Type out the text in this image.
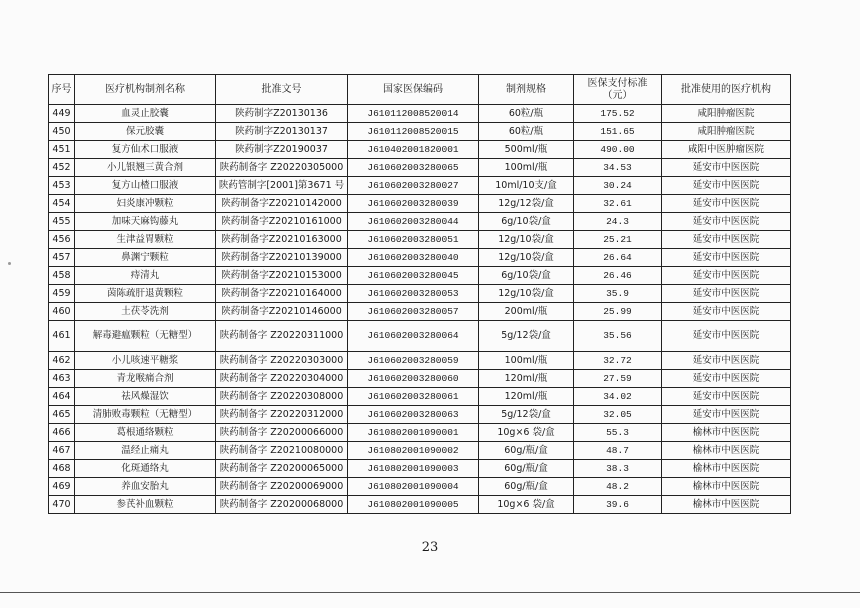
序号	医疗机构制剂名称	批准文号	国家医保编码	制剂规格	医保支付标准（元）	批准使用的医疗机构
449	血灵止胶囊	陕药制字Z20130136	J610112008520014	60粒/瓶	175.52	咸阳肿瘤医院
450	保元胶囊	陕药制字Z20130137	J610112008520015	60粒/瓶	151.65	咸阳肿瘤医院
451	复方仙术口服液	陕药制字Z20190037	J610402001820001	500ml/瓶	490.00	咸阳中医肿瘤医院
452	小儿银翘三黄合剂	陕药制备字 Z20220305000	J610602003280065	100ml/瓶	34.53	延安市中医医院
453	复方山楂口服液	陕药管制字[2001]第3671 号	J610602003280027	10ml/10支/盒	30.24	延安市中医医院
454	妇炎康冲颗粒	陕药制备字Z20210142000	J610602003280039	12g/12袋/盒	32.61	延安市中医医院
455	加味天麻钩藤丸	陕药制备字Z20210161000	J610602003280044	6g/10袋/盒	24.3	延安市中医医院
456	生津益胃颗粒	陕药制备字Z20210163000	J610602003280051	12g/10袋/盒	25.21	延安市中医医院
457	鼻渊宁颗粒	陕药制备字Z20210139000	J610602003280040	12g/10袋/盒	26.64	延安市中医医院
458	痔清丸	陕药制备字Z20210153000	J610602003280045	6g/10袋/盒	26.46	延安市中医医院
459	茵陈疏肝退黄颗粒	陕药制备字Z20210164000	J610602003280053	12g/10袋/盒	35.9	延安市中医医院
460	土茯苓洗剂	陕药制备字Z20210146000	J610602003280057	200ml/瓶	25.99	延安市中医医院
461	解毒避瘟颗粒（无糖型）	陕药制备字 Z20220311000	J610602003280064	5g/12袋/盒	35.56	延安市中医医院
462	小儿咳速平糖浆	陕药制备字 Z20220303000	J610602003280059	100ml/瓶	32.72	延安市中医医院
463	青龙喉痛合剂	陕药制备字 Z20220304000	J610602003280060	120ml/瓶	27.59	延安市中医医院
464	祛风燥湿饮	陕药制备字 Z20220308000	J610602003280061	120ml/瓶	34.02	延安市中医医院
465	清肺败毒颗粒（无糖型）	陕药制备字 Z20220312000	J610602003280063	5g/12袋/盒	32.05	延安市中医医院
466	葛根通络颗粒	陕药制备字 Z20200066000	J610802001090001	10g×6 袋/盒	55.3	榆林市中医医院
467	温经止痛丸	陕药制备字 Z20210080000	J610802001090002	60g/瓶/盒	48.7	榆林市中医医院
468	化斑通络丸	陕药制备字 Z20200065000	J610802001090003	60g/瓶/盒	38.3	榆林市中医医院
469	养血安胎丸	陕药制备字 Z20200069000	J610802001090004	60g/瓶/盒	48.2	榆林市中医医院
470	参芪补血颗粒	陕药制备字 Z20200068000	J610802001090005	10g×6 袋/盒	39.6	榆林市中医医院
23
